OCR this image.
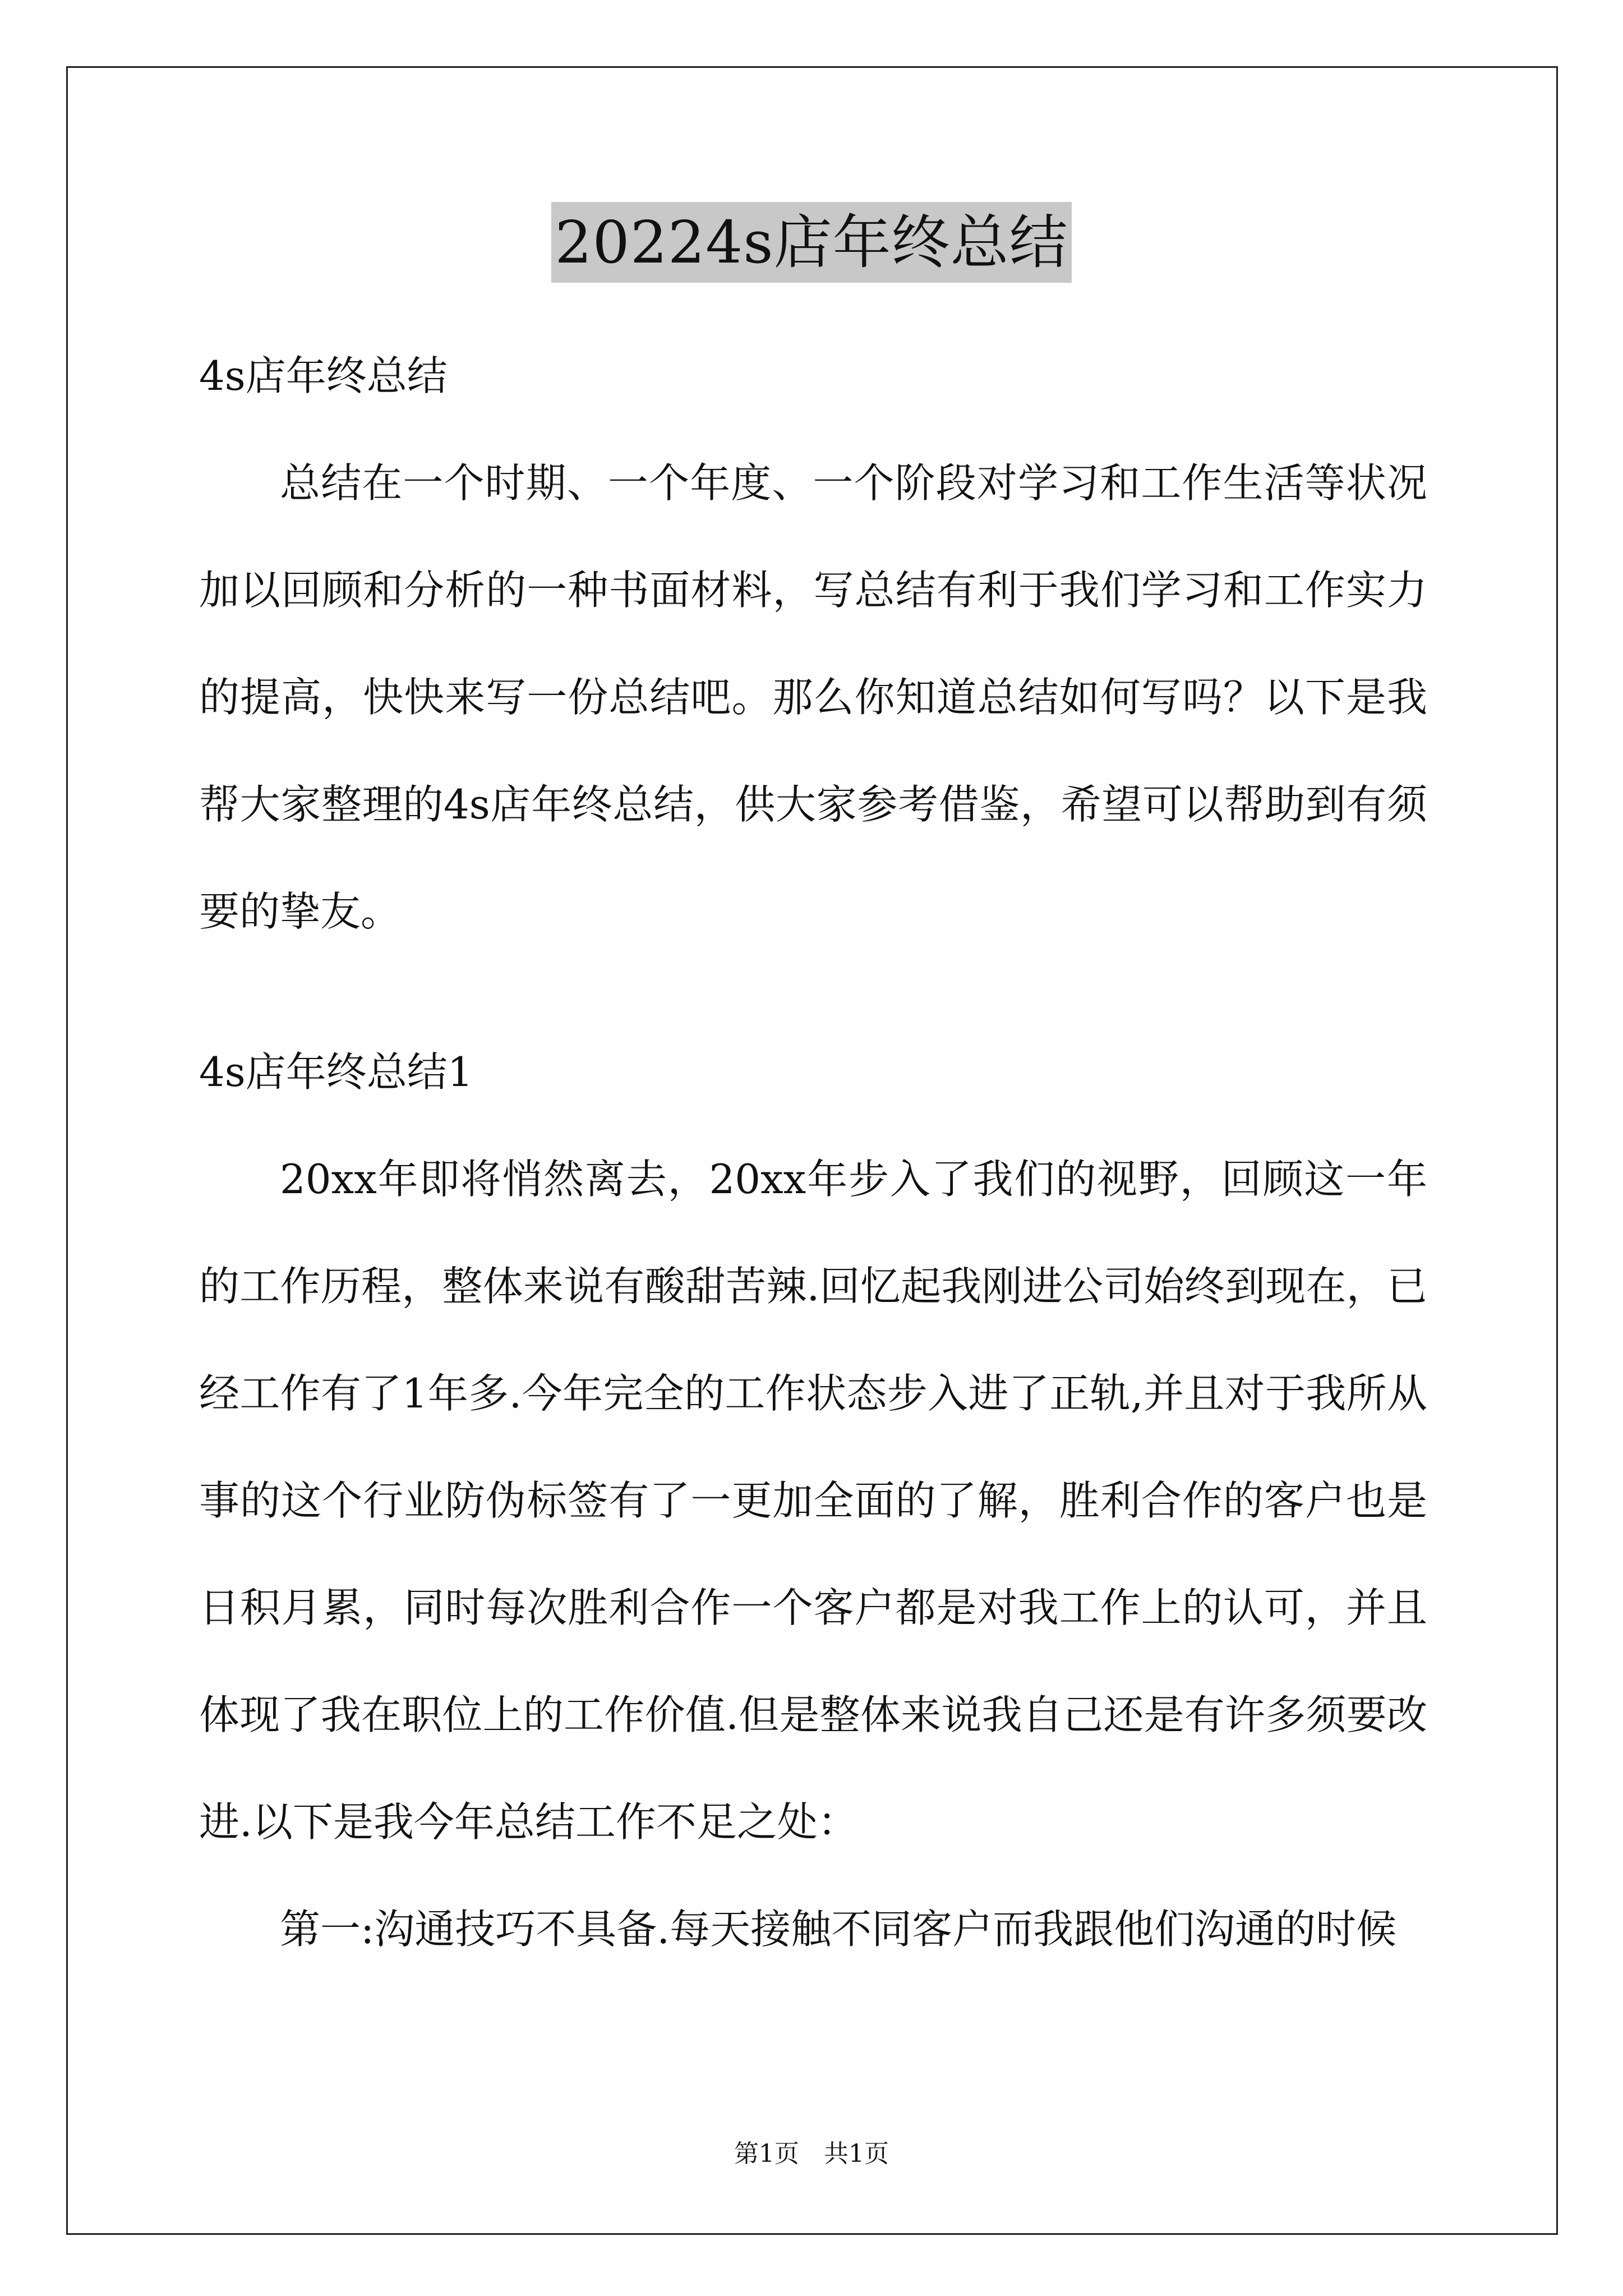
20224s店年终总结

4s店年终总结

总结在一个时期、一个年度、一个阶段对学习和工作生活等状况加以回顾和分析的一种书面材料，写总结有利于我们学习和工作实力的提高，快快来写一份总结吧。那么你知道总结如何写吗？以下是我帮大家整理的4s店年终总结，供大家参考借鉴，希望可以帮助到有须要的挚友。

4s店年终总结1

20xx年即将悄然离去，20xx年步入了我们的视野，回顾这一年的工作历程，整体来说有酸甜苦辣.回忆起我刚进公司始终到现在，已经工作有了1年多.今年完全的工作状态步入进了正轨,并且对于我所从事的这个行业防伪标签有了一更加全面的了解，胜利合作的客户也是日积月累，同时每次胜利合作一个客户都是对我工作上的认可，并且体现了我在职位上的工作价值.但是整体来说我自己还是有许多须要改进.以下是我今年总结工作不足之处：

第一:沟通技巧不具备.每天接触不同客户而我跟他们沟通的时候

第1页　共1页
